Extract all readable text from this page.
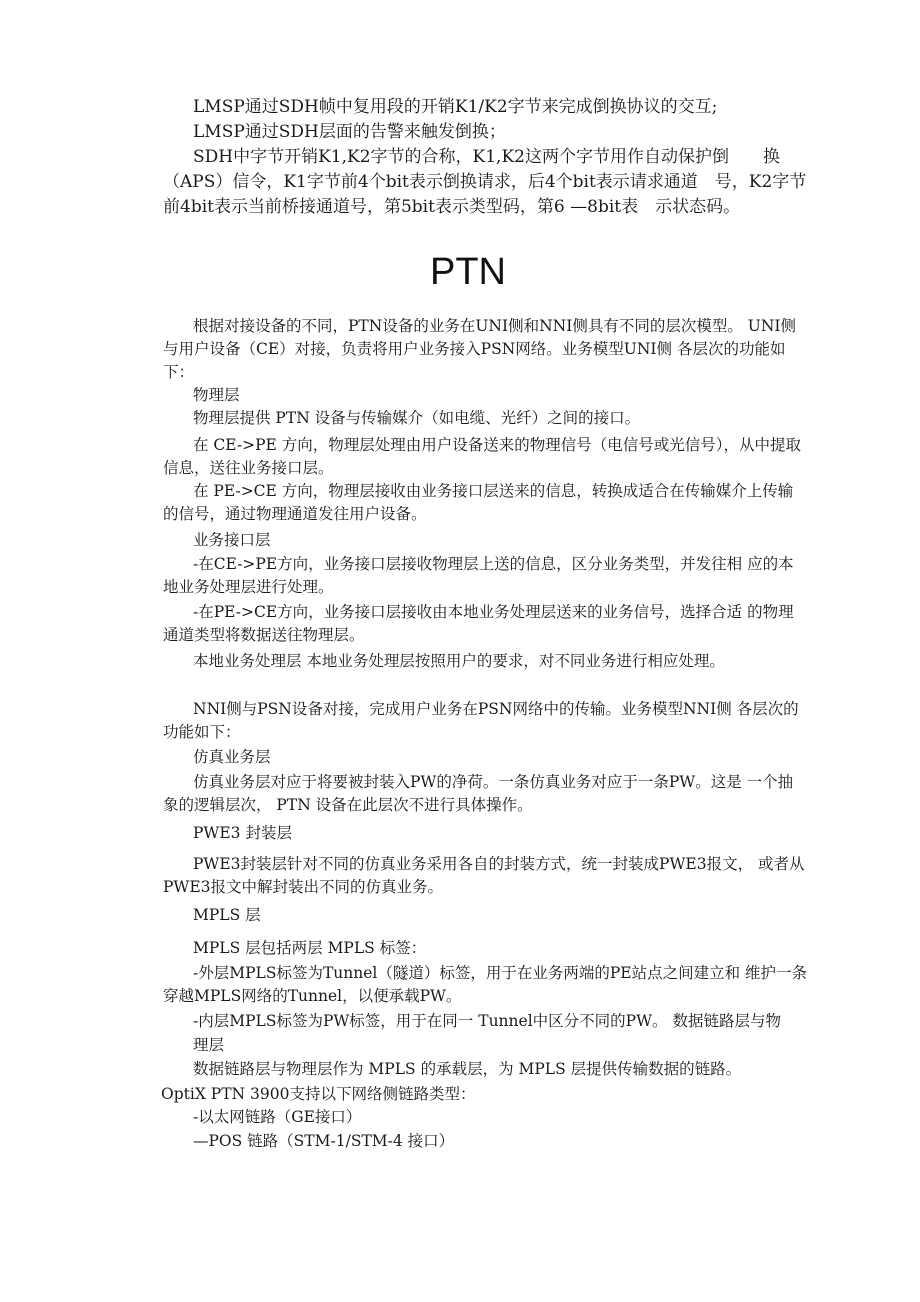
LMSP通过SDH帧中复用段的开销K1/K2字节来完成倒换协议的交互;

LMSP通过SDH层面的告警来触发倒换；

SDH中字节开销K1,K2字节的合称，K1,K2这两个字节用作自动保护倒　　换（APS）信令，K1字节前4个bit表示倒换请求，后4个bit表示请求通道　号，K2字节前4bit表示当前桥接通道号，第5bit表示类型码，第6 —8bit表　示状态码。

PTN

根据对接设备的不同，PTN设备的业务在UNI侧和NNI侧具有不同的层次模型。 UNI侧与用户设备（CE）对接，负责将用户业务接入PSN网络。业务模型UNI侧 各层次的功能如下：

物理层

物理层提供 PTN 设备与传输媒介（如电缆、光纤）之间的接口。

在 CE->PE 方向，物理层处理由用户设备送来的物理信号（电信号或光信号），从中提取信息，送往业务接口层。

在 PE->CE 方向，物理层接收由业务接口层送来的信息，转换成适合在传输媒介上传输的信号，通过物理通道发往用户设备。

业务接口层

-在CE->PE方向，业务接口层接收物理层上送的信息，区分业务类型，并发往相 应的本地业务处理层进行处理。

-在PE->CE方向，业务接口层接收由本地业务处理层送来的业务信号，选择合适 的物理通道类型将数据送往物理层。

本地业务处理层 本地业务处理层按照用户的要求，对不同业务进行相应处理。

NNI侧与PSN设备对接，完成用户业务在PSN网络中的传输。业务模型NNI侧 各层次的功能如下：

仿真业务层

仿真业务层对应于将要被封装入PW的净荷。一条仿真业务对应于一条PW。这是 一个抽象的逻辑层次， PTN 设备在此层次不进行具体操作。

PWE3 封装层

PWE3封装层针对不同的仿真业务采用各自的封装方式，统一封装成PWE3报文， 或者从PWE3报文中解封装出不同的仿真业务。

MPLS 层

MPLS 层包括两层 MPLS 标签：

-外层MPLS标签为Tunnel（隧道）标签，用于在业务两端的PE站点之间建立和 维护一条穿越MPLS网络的Tunnel，以便承载PW。

-内层MPLS标签为PW标签，用于在同一 Tunnel中区分不同的PW。 数据链路层与物

理层

数据链路层与物理层作为 MPLS 的承载层，为 MPLS 层提供传输数据的链路。

OptiX PTN 3900支持以下网络侧链路类型：

-以太网链路（GE接口）

—POS 链路（STM-1/STM-4 接口）
